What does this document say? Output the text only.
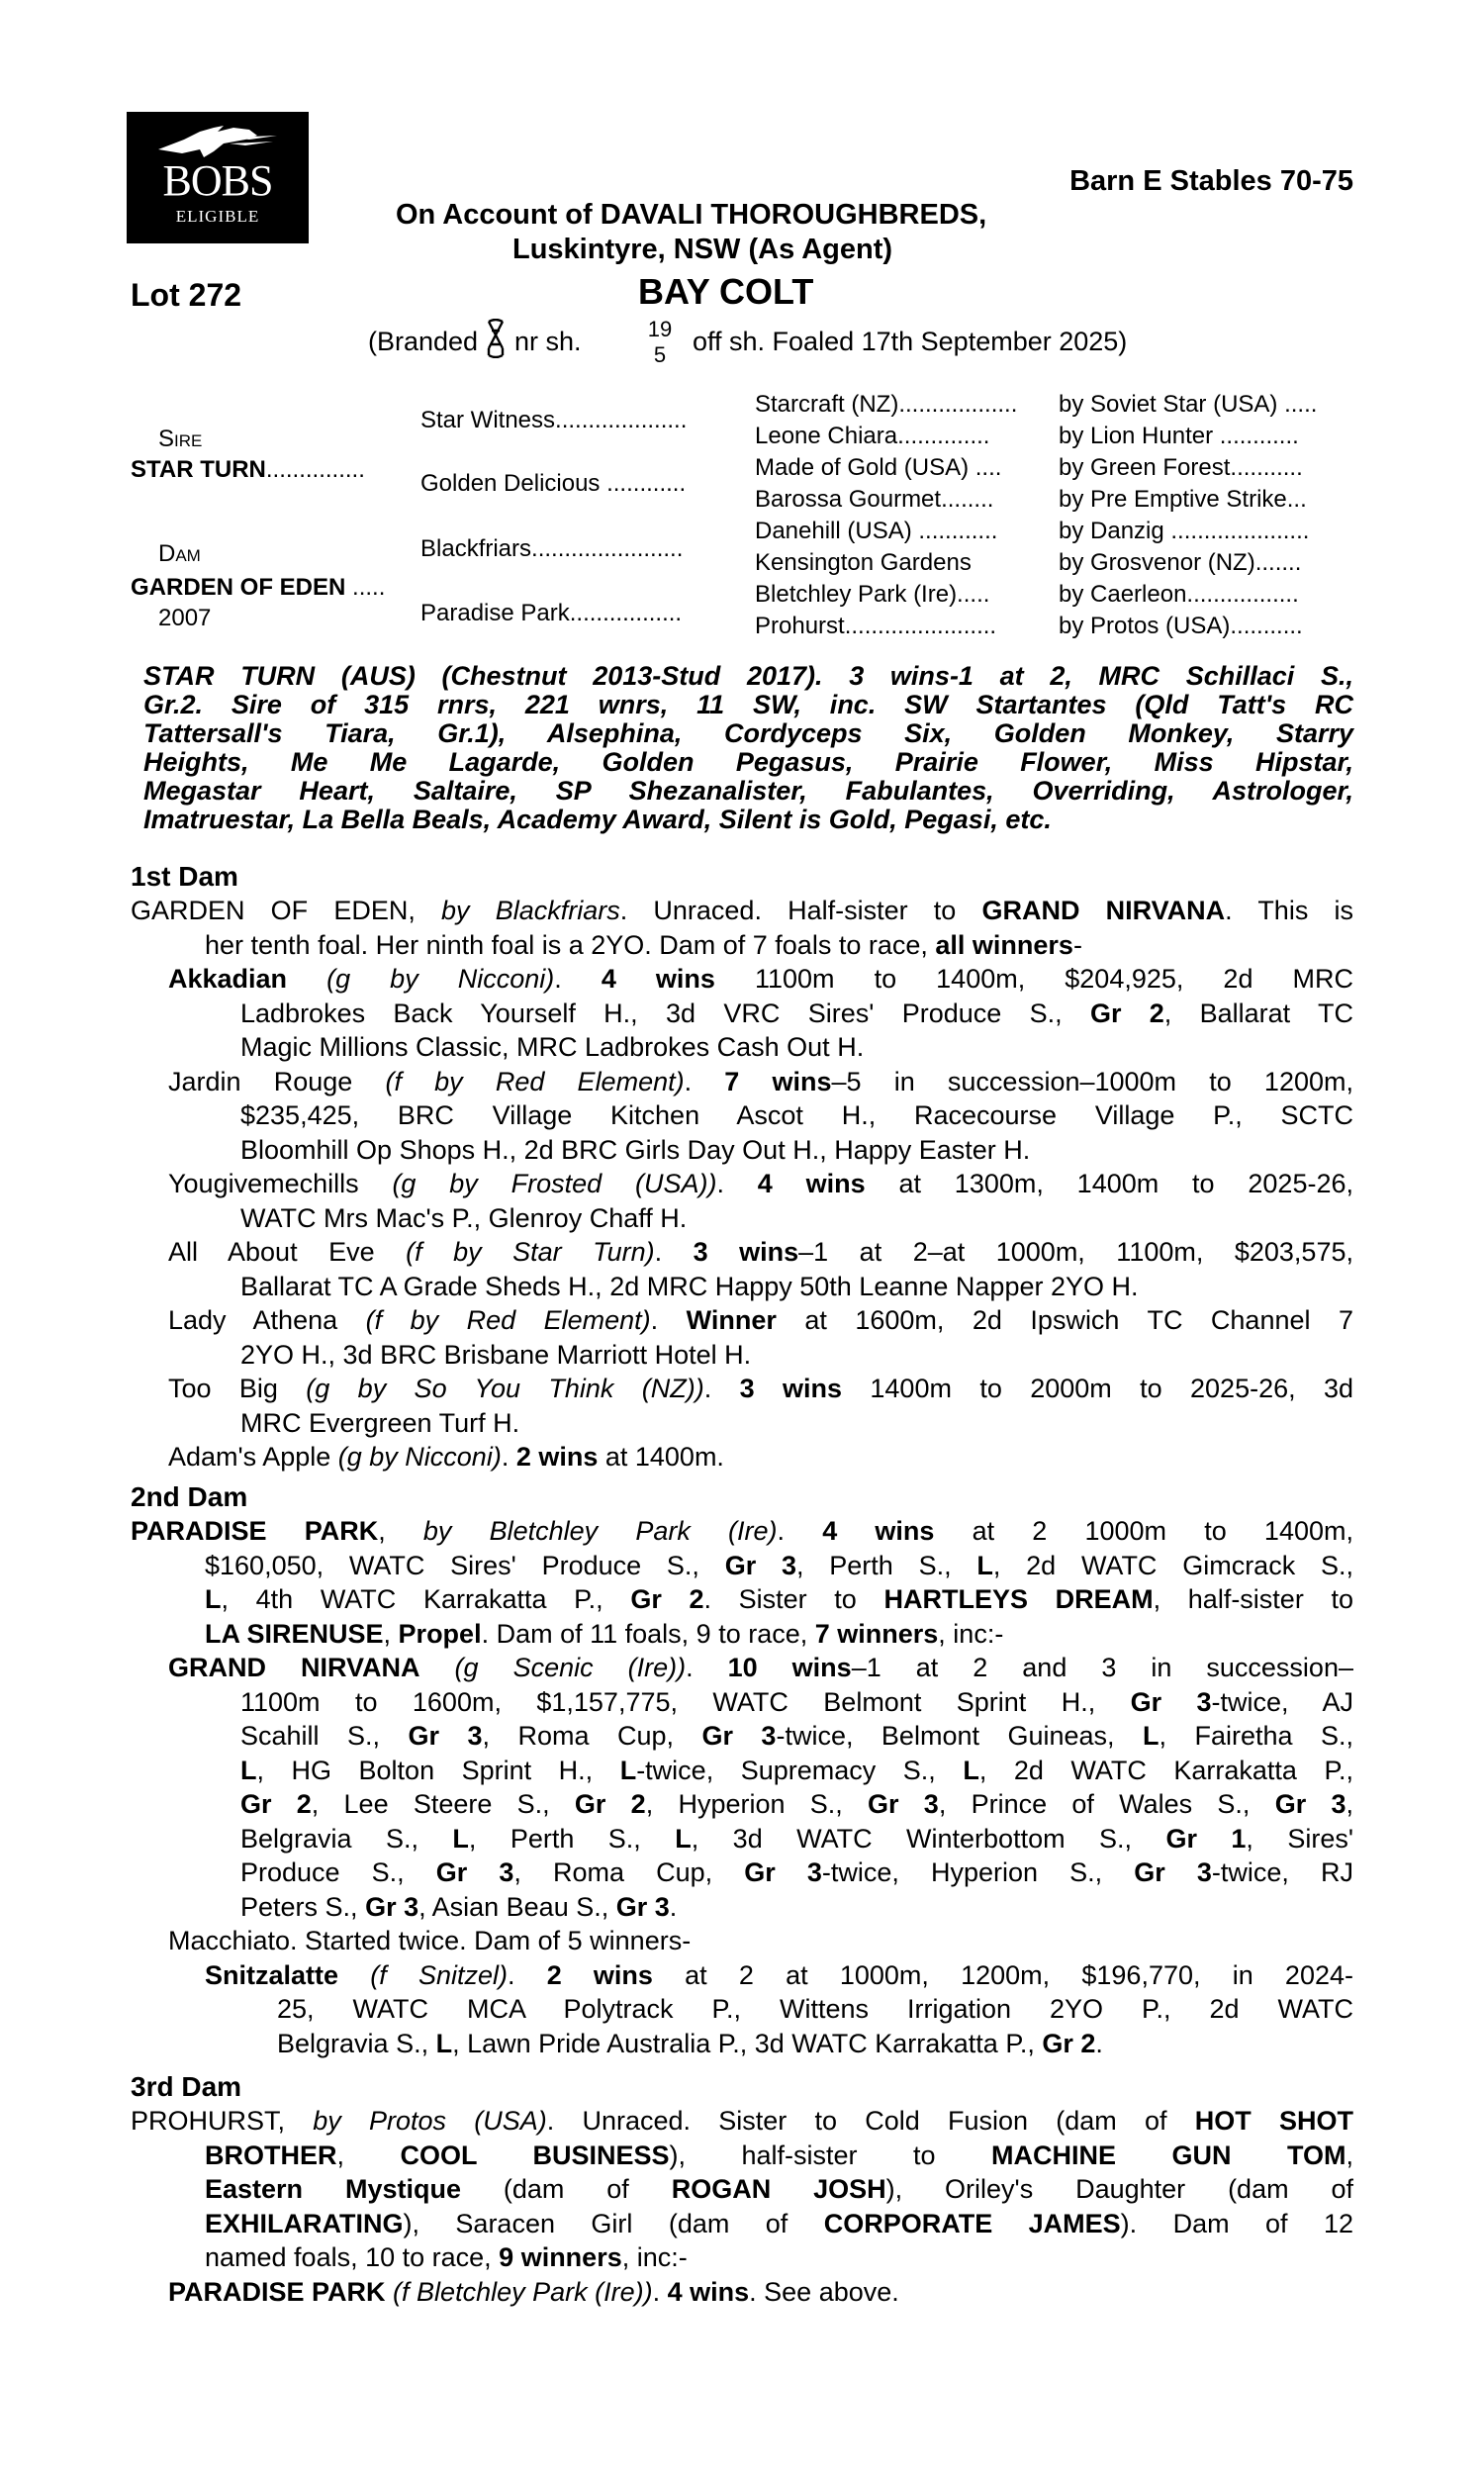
BOBS
ELIGIBLE
Barn E Stables 70-75
On Account of DAVALI THOROUGHBREDS,
Luskintyre, NSW (As Agent)
Lot 272	BAY COLT
(Branded nr sh.	19
5 off sh. Foaled 17th September 2025)
Sire
STAR TURN...............
Dam
GARDEN OF EDEN .....
2007
Star Witness....................
Golden Delicious ............
Blackfriars.......................
Paradise Park.................
Starcraft (NZ).................. by Soviet Star (USA) .....
Leone Chiara..............	by Lion Hunter ............
Made of Gold (USA) .... by Green Forest...........
Barossa Gourmet........	by Pre Emptive Strike...
Danehill (USA) ............	by Danzig .....................
Kensington Gardens	by Grosvenor (NZ).......
Bletchley Park (Ire).....	by Caerleon.................
Prohurst.......................	by Protos (USA)...........
STAR TURN (AUS) (Chestnut 2013-Stud 2017). 3 wins-1 at 2, MRC Schillaci S.,
Gr.2. Sire of 315 rnrs, 221 wnrs, 11 SW, inc. SW Startantes (Qld Tatt's RC
Tattersall's Tiara, Gr.1), Alsephina, Cordyceps Six, Golden Monkey, Starry
Heights, Me Me Lagarde, Golden Pegasus, Prairie Flower, Miss Hipstar,
Megastar Heart, Saltaire, SP Shezanalister, Fabulantes, Overriding, Astrologer,
Imatruestar, La Bella Beals, Academy Award, Silent is Gold, Pegasi, etc.
1st Dam
GARDEN OF EDEN, by Blackfriars. Unraced. Half-sister to GRAND NIRVANA. This is
her tenth foal. Her ninth foal is a 2YO. Dam of 7 foals to race, all winners-
Akkadian (g by Nicconi). 4 wins 1100m to 1400m, $204,925, 2d MRC
Ladbrokes Back Yourself H., 3d VRC Sires' Produce S., Gr 2, Ballarat TC
Magic Millions Classic, MRC Ladbrokes Cash Out H.
Jardin Rouge (f by Red Element). 7 wins–5 in succession–1000m to 1200m,
$235,425, BRC Village Kitchen Ascot H., Racecourse Village P., SCTC
Bloomhill Op Shops H., 2d BRC Girls Day Out H., Happy Easter H.
Yougivemechills (g by Frosted (USA)). 4 wins at 1300m, 1400m to 2025-26,
WATC Mrs Mac's P., Glenroy Chaff H.
All About Eve (f by Star Turn). 3 wins–1 at 2–at 1000m, 1100m, $203,575,
Ballarat TC A Grade Sheds H., 2d MRC Happy 50th Leanne Napper 2YO H.
Lady Athena (f by Red Element). Winner at 1600m, 2d Ipswich TC Channel 7
2YO H., 3d BRC Brisbane Marriott Hotel H.
Too Big (g by So You Think (NZ)). 3 wins 1400m to 2000m to 2025-26, 3d
MRC Evergreen Turf H.
Adam's Apple (g by Nicconi). 2 wins at 1400m.
2nd Dam
PARADISE PARK, by Bletchley Park (Ire). 4 wins at 2 1000m to 1400m,
$160,050, WATC Sires' Produce S., Gr 3, Perth S., L, 2d WATC Gimcrack S.,
L, 4th WATC Karrakatta P., Gr 2. Sister to HARTLEYS DREAM, half-sister to
LA SIRENUSE, Propel. Dam of 11 foals, 9 to race, 7 winners, inc:-
GRAND NIRVANA (g Scenic (Ire)). 10 wins–1 at 2 and 3 in succession–
1100m to 1600m, $1,157,775, WATC Belmont Sprint H., Gr 3-twice, AJ
Scahill S., Gr 3, Roma Cup, Gr 3-twice, Belmont Guineas, L, Fairetha S.,
L, HG Bolton Sprint H., L-twice, Supremacy S., L, 2d WATC Karrakatta P.,
Gr 2, Lee Steere S., Gr 2, Hyperion S., Gr 3, Prince of Wales S., Gr 3,
Belgravia S., L, Perth S., L, 3d WATC Winterbottom S., Gr 1, Sires'
Produce S., Gr 3, Roma Cup, Gr 3-twice, Hyperion S., Gr 3-twice, RJ
Peters S., Gr 3, Asian Beau S., Gr 3.
Macchiato. Started twice. Dam of 5 winners-
Snitzalatte (f Snitzel). 2 wins at 2 at 1000m, 1200m, $196,770, in 2024-
25, WATC MCA Polytrack P., Wittens Irrigation 2YO P., 2d WATC
Belgravia S., L, Lawn Pride Australia P., 3d WATC Karrakatta P., Gr 2.
3rd Dam
PROHURST, by Protos (USA). Unraced. Sister to Cold Fusion (dam of HOT SHOT
BROTHER, COOL BUSINESS), half-sister to MACHINE GUN TOM,
Eastern Mystique (dam of ROGAN JOSH), Oriley's Daughter (dam of
EXHILARATING), Saracen Girl (dam of CORPORATE JAMES). Dam of 12
named foals, 10 to race, 9 winners, inc:-
PARADISE PARK (f Bletchley Park (Ire)). 4 wins. See above.
